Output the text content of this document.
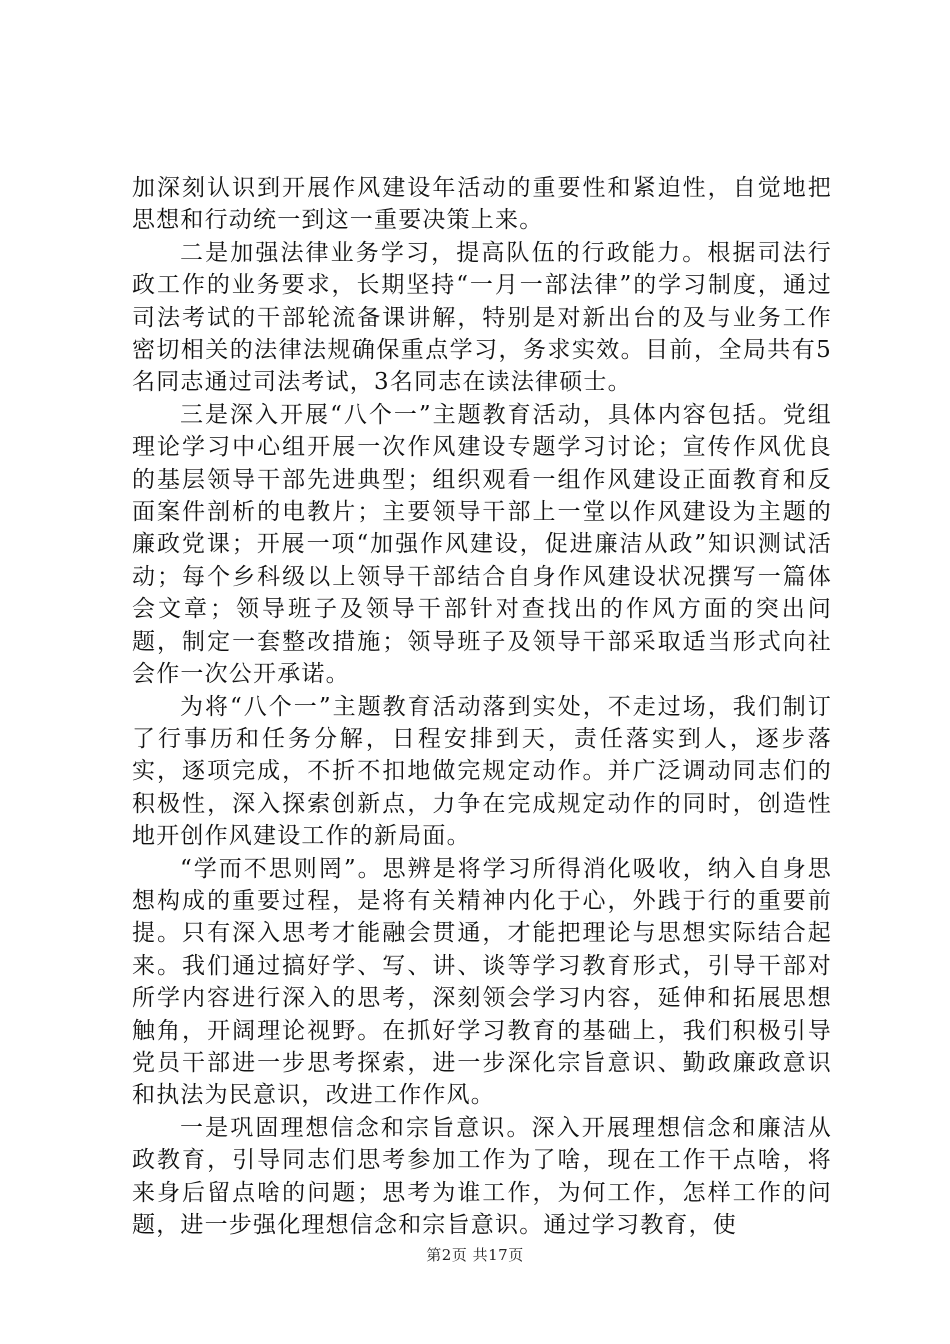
加深刻认识到开展作风建设年活动的重要性和紧迫性，自觉地把思想和行动统一到这一重要决策上来。

二是加强法律业务学习，提高队伍的行政能力。根据司法行政工作的业务要求，长期坚持“一月一部法律”的学习制度，通过司法考试的干部轮流备课讲解，特别是对新出台的及与业务工作密切相关的法律法规确保重点学习，务求实效。目前，全局共有5名同志通过司法考试，3名同志在读法律硕士。

三是深入开展“八个一”主题教育活动，具体内容包括。党组理论学习中心组开展一次作风建设专题学习讨论；宣传作风优良的基层领导干部先进典型；组织观看一组作风建设正面教育和反面案件剖析的电教片；主要领导干部上一堂以作风建设为主题的廉政党课；开展一项“加强作风建设，促进廉洁从政”知识测试活动；每个乡科级以上领导干部结合自身作风建设状况撰写一篇体会文章；领导班子及领导干部针对查找出的作风方面的突出问题，制定一套整改措施；领导班子及领导干部采取适当形式向社会作一次公开承诺。

为将“八个一”主题教育活动落到实处，不走过场，我们制订了行事历和任务分解，日程安排到天，责任落实到人，逐步落实，逐项完成，不折不扣地做完规定动作。并广泛调动同志们的积极性，深入探索创新点，力争在完成规定动作的同时，创造性地开创作风建设工作的新局面。

“学而不思则罔”。思辨是将学习所得消化吸收，纳入自身思想构成的重要过程，是将有关精神内化于心，外践于行的重要前提。只有深入思考才能融会贯通，才能把理论与思想实际结合起来。我们通过搞好学、写、讲、谈等学习教育形式，引导干部对所学内容进行深入的思考，深刻领会学习内容，延伸和拓展思想触角，开阔理论视野。在抓好学习教育的基础上，我们积极引导党员干部进一步思考探索，进一步深化宗旨意识、勤政廉政意识和执法为民意识，改进工作作风。

一是巩固理想信念和宗旨意识。深入开展理想信念和廉洁从政教育，引导同志们思考参加工作为了啥，现在工作干点啥，将来身后留点啥的问题；思考为谁工作，为何工作，怎样工作的问题，进一步强化理想信念和宗旨意识。通过学习教育，使

第2页 共17页
